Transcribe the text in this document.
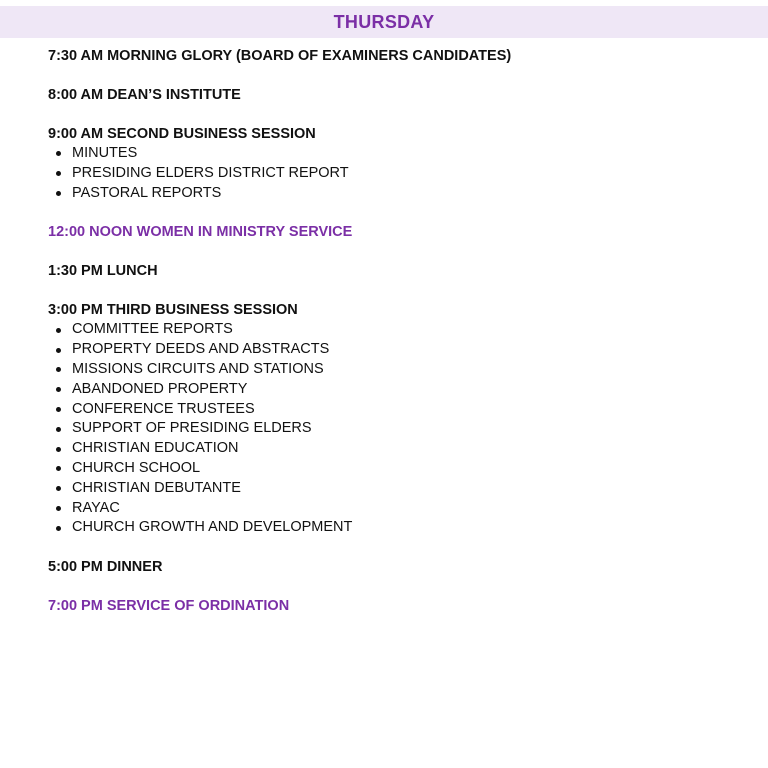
THURSDAY
7:30 AM MORNING GLORY (BOARD OF EXAMINERS CANDIDATES)
8:00 AM DEAN’S INSTITUTE
9:00 AM SECOND BUSINESS SESSION
MINUTES
PRESIDING ELDERS DISTRICT REPORT
PASTORAL REPORTS
12:00 NOON WOMEN IN MINISTRY SERVICE
1:30 PM LUNCH
3:00 PM THIRD BUSINESS SESSION
COMMITTEE REPORTS
PROPERTY DEEDS AND ABSTRACTS
MISSIONS CIRCUITS AND STATIONS
ABANDONED PROPERTY
CONFERENCE TRUSTEES
SUPPORT OF PRESIDING ELDERS
CHRISTIAN EDUCATION
CHURCH SCHOOL
CHRISTIAN DEBUTANTE
RAYAC
CHURCH GROWTH AND DEVELOPMENT
5:00 PM DINNER
7:00 PM SERVICE OF ORDINATION
